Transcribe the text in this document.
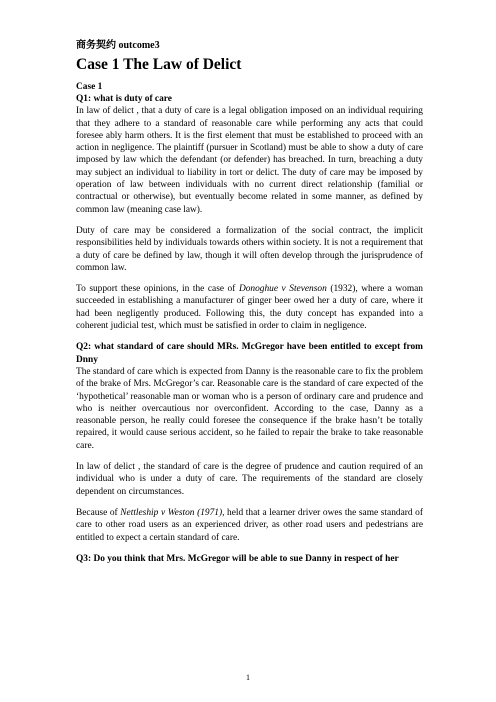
商务契约 outcome3

Case 1 The Law of Delict

Case 1

Q1: what is duty of care

In law of delict , that a duty of care is a legal obligation imposed on an individual requiring that they adhere to a standard of reasonable care while performing any acts that could foresee ably harm others. It is the first element that must be established to proceed with an action in negligence. The plaintiff (pursuer in Scotland) must be able to show a duty of care imposed by law which the defendant (or defender) has breached. In turn, breaching a duty may subject an individual to liability in tort or delict. The duty of care may be imposed by operation of law between individuals with no current direct relationship (familial or contractual or otherwise), but eventually become related in some manner, as defined by common law (meaning case law).

Duty of care may be considered a formalization of the social contract, the implicit responsibilities held by individuals towards others within society. It is not a requirement that a duty of care be defined by law, though it will often develop through the jurisprudence of common law.

To support these opinions, in the case of Donoghue v Stevenson (1932), where a woman succeeded in establishing a manufacturer of ginger beer owed her a duty of care, where it had been negligently produced. Following this, the duty concept has expanded into a coherent judicial test, which must be satisfied in order to claim in negligence.

Q2: what standard of care should MRs. McGregor have been entitled to except from Dnny

The standard of care which is expected from Danny is the reasonable care to fix the problem of the brake of Mrs. McGregor’s car. Reasonable care is the standard of care expected of the ‘hypothetical’ reasonable man or woman who is a person of ordinary care and prudence and who is neither overcautious nor overconfident. According to the case, Danny as a reasonable person, he really could foresee the consequence if the brake hasn’t be totally repaired, it would cause serious accident, so he failed to repair the brake to take reasonable care.

In law of delict , the standard of care is the degree of prudence and caution required of an individual who is under a duty of care. The requirements of the standard are closely dependent on circumstances.

Because of Nettleship v Weston (1971), held that a learner driver owes the same standard of care to other road users as an experienced driver, as other road users and pedestrians are entitled to expect a certain standard of care.

Q3: Do you think that Mrs. McGregor will be able to sue Danny in respect of her

1
